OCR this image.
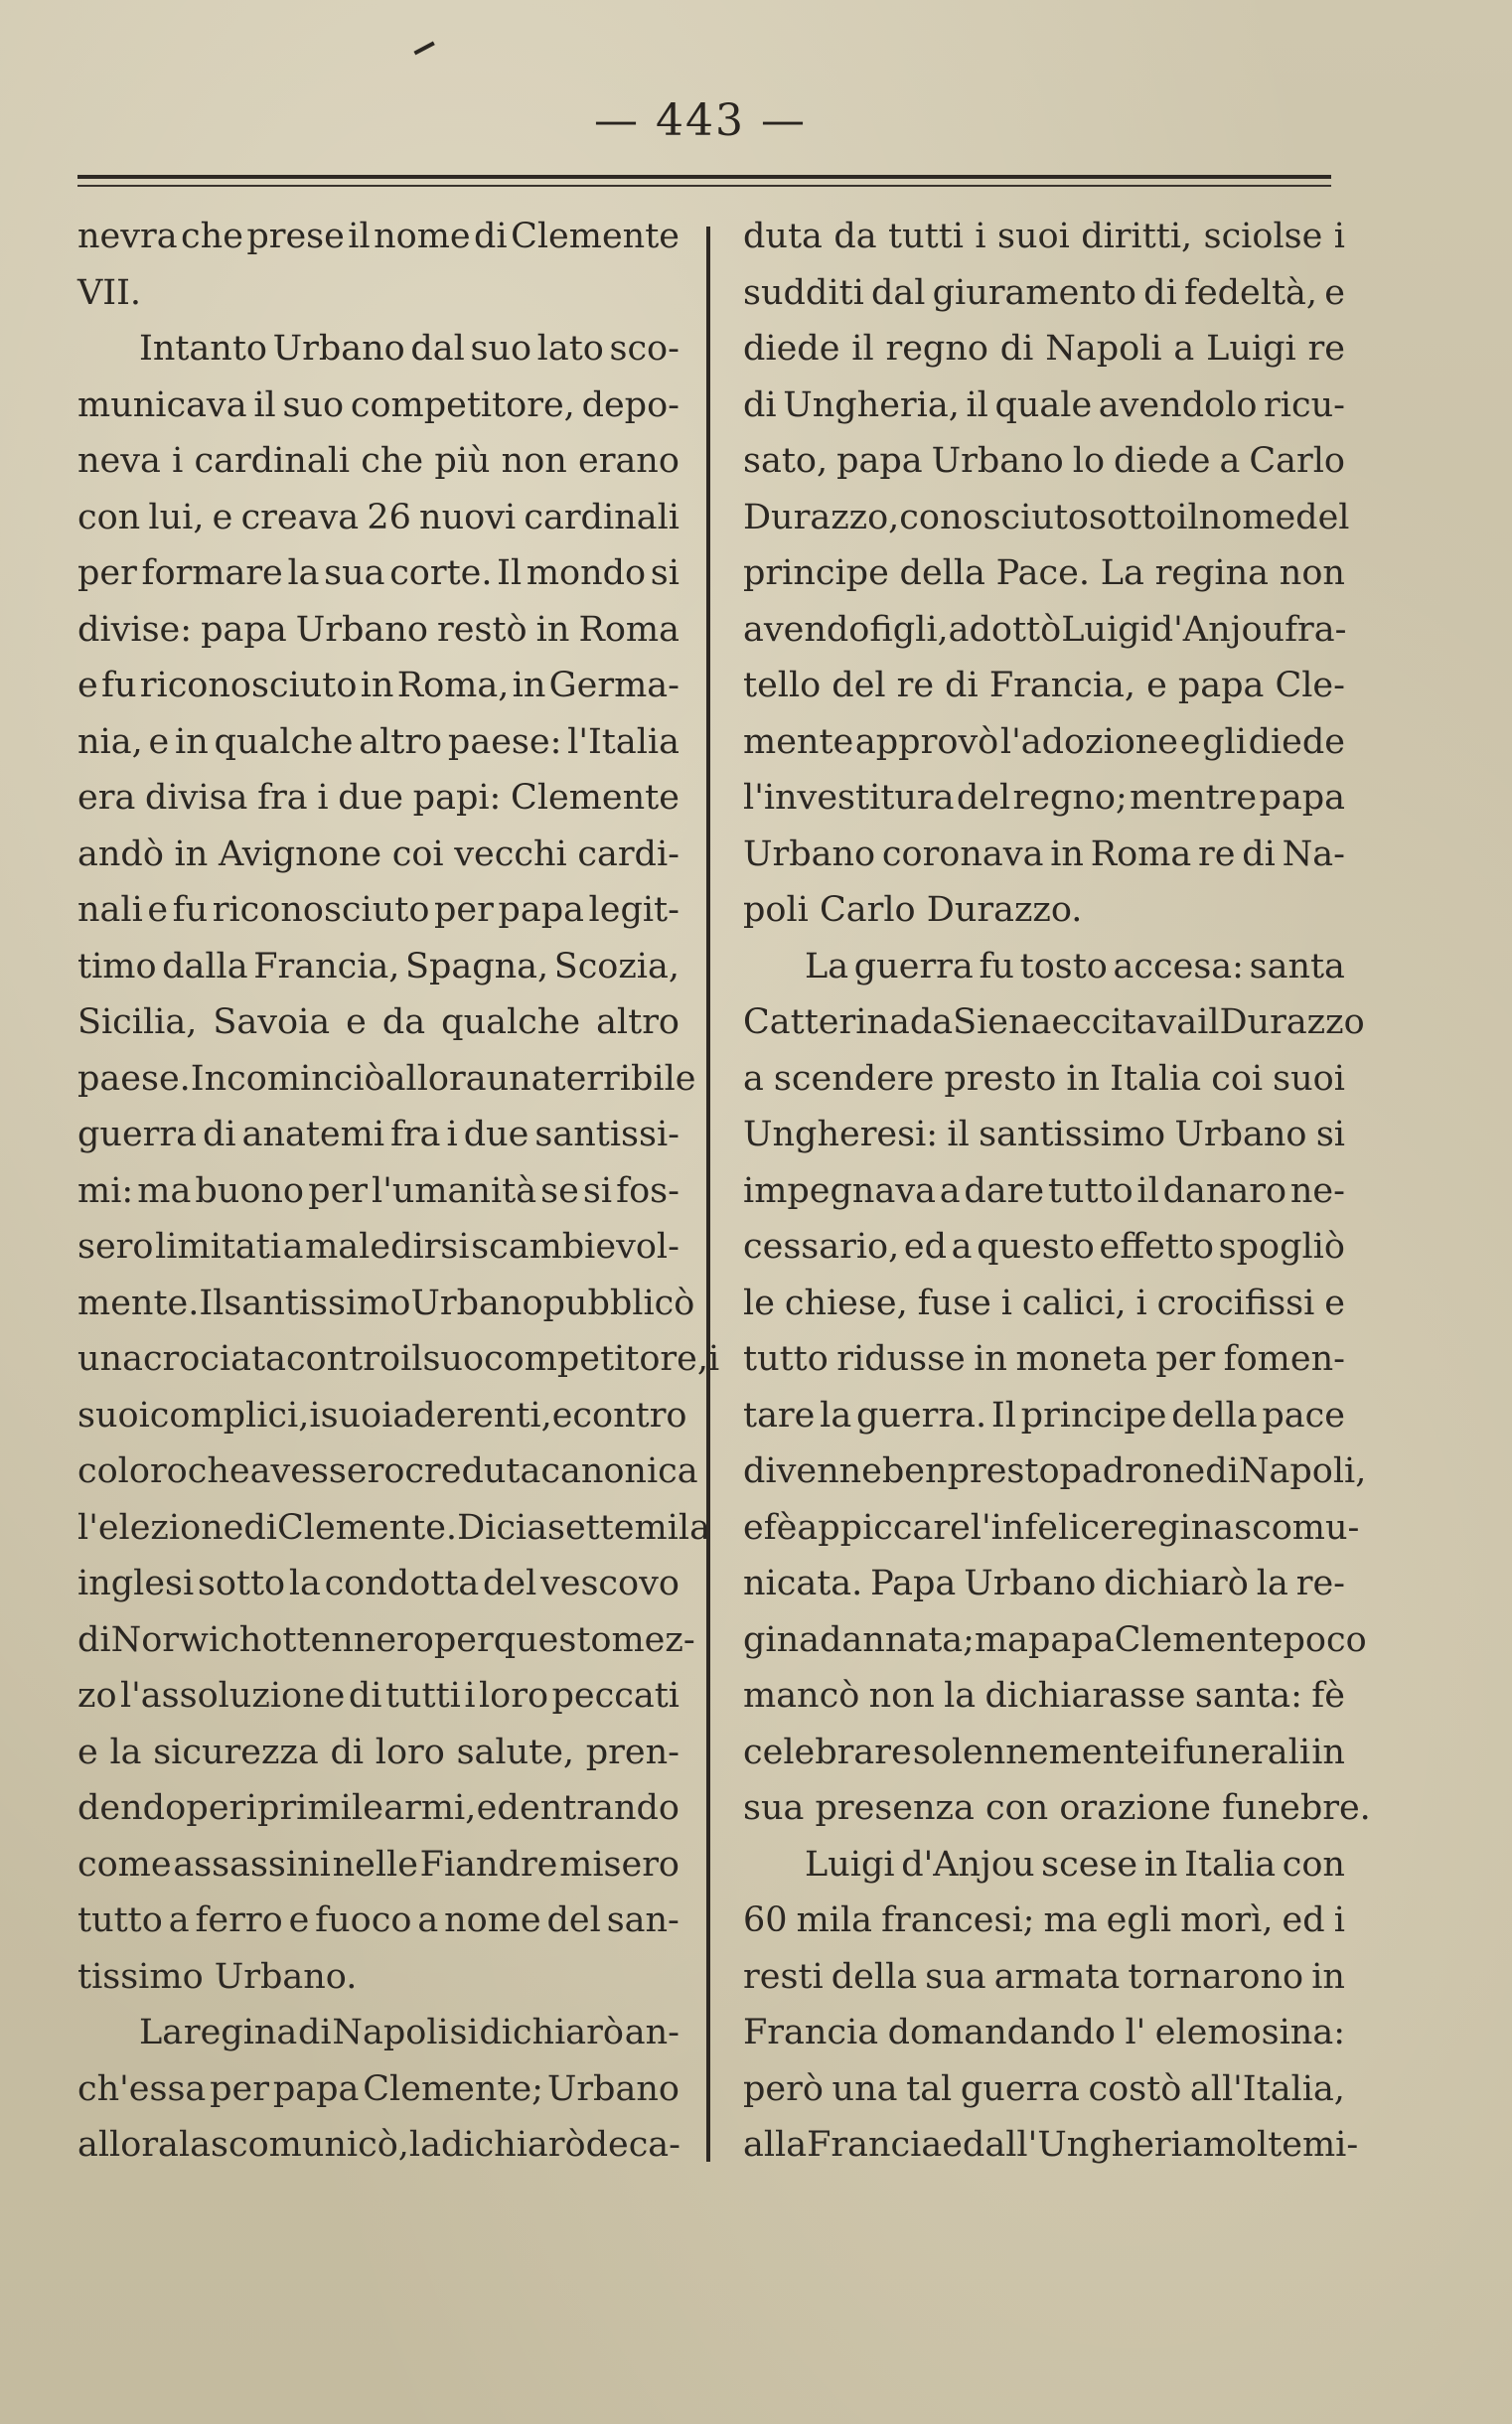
— 443 —
nevra che prese il nome di Clemente
VII.
Intanto Urbano dal suo lato sco-
municava il suo competitore, depo-
neva i cardinali che più non erano
con lui, e creava 26 nuovi cardinali
per formare la sua corte. Il mondo si
divise: papa Urbano restò in Roma
e fu riconosciuto in Roma, in Germa-
nia, e in qualche altro paese: l'Italia
era divisa fra i due papi: Clemente
andò in Avignone coi vecchi cardi-
nali e fu riconosciuto per papa legit-
timo dalla Francia, Spagna, Scozia,
Sicilia, Savoia e da qualche altro
paese. Incominciò allora una terribile
guerra di anatemi fra i due santissi-
mi: ma buono per l'umanità se si fos-
sero limitati a maledirsi scambievol-
mente. Il santissimo Urbano pubblicò
una crociata contro il suo competitore, i
suoi complici, i suoi aderenti, e contro
coloro che avessero creduta canonica
l'elezione di Clemente. Diciasettemila
inglesi sotto la condotta del vescovo
di Norwich ottennero per questo mez-
zo l'assoluzione di tutti i loro peccati
e la sicurezza di loro salute, pren-
dendo per i primi le armi, ed entrando
come assassini nelle Fiandre misero
tutto a ferro e fuoco a nome del san-
tissimo Urbano.
La regina di Napoli si dichiarò an-
ch'essa per papa Clemente; Urbano
allora la scomunicò, la dichiarò deca-
duta da tutti i suoi diritti, sciolse i
sudditi dal giuramento di fedeltà, e
diede il regno di Napoli a Luigi re
di Ungheria, il quale avendolo ricu-
sato, papa Urbano lo diede a Carlo
Durazzo, conosciuto sotto il nome del
principe della Pace. La regina non
avendo figli, adottò Luigi d'Anjou fra-
tello del re di Francia, e papa Cle-
mente approvò l'adozione e gli diede
l'investitura del regno; mentre papa
Urbano coronava in Roma re di Na-
poli Carlo Durazzo.
La guerra fu tosto accesa: santa
Catterina da Siena eccitava il Durazzo
a scendere presto in Italia coi suoi
Ungheresi: il santissimo Urbano si
impegnava a dare tutto il danaro ne-
cessario, ed a questo effetto spogliò
le chiese, fuse i calici, i crocifissi e
tutto ridusse in moneta per fomen-
tare la guerra. Il principe della pace
divenne ben presto padrone di Napoli,
e fè appiccare l'infelice regina scomu-
nicata. Papa Urbano dichiarò la re-
gina dannata; ma papa Clemente poco
mancò non la dichiarasse santa: fè
celebrare solennemente i funerali in
sua presenza con orazione funebre.
Luigi d'Anjou scese in Italia con
60 mila francesi; ma egli morì, ed i
resti della sua armata tornarono in
Francia domandando l' elemosina:
però una tal guerra costò all'Italia,
alla Francia ed all'Ungheria molte mi-
